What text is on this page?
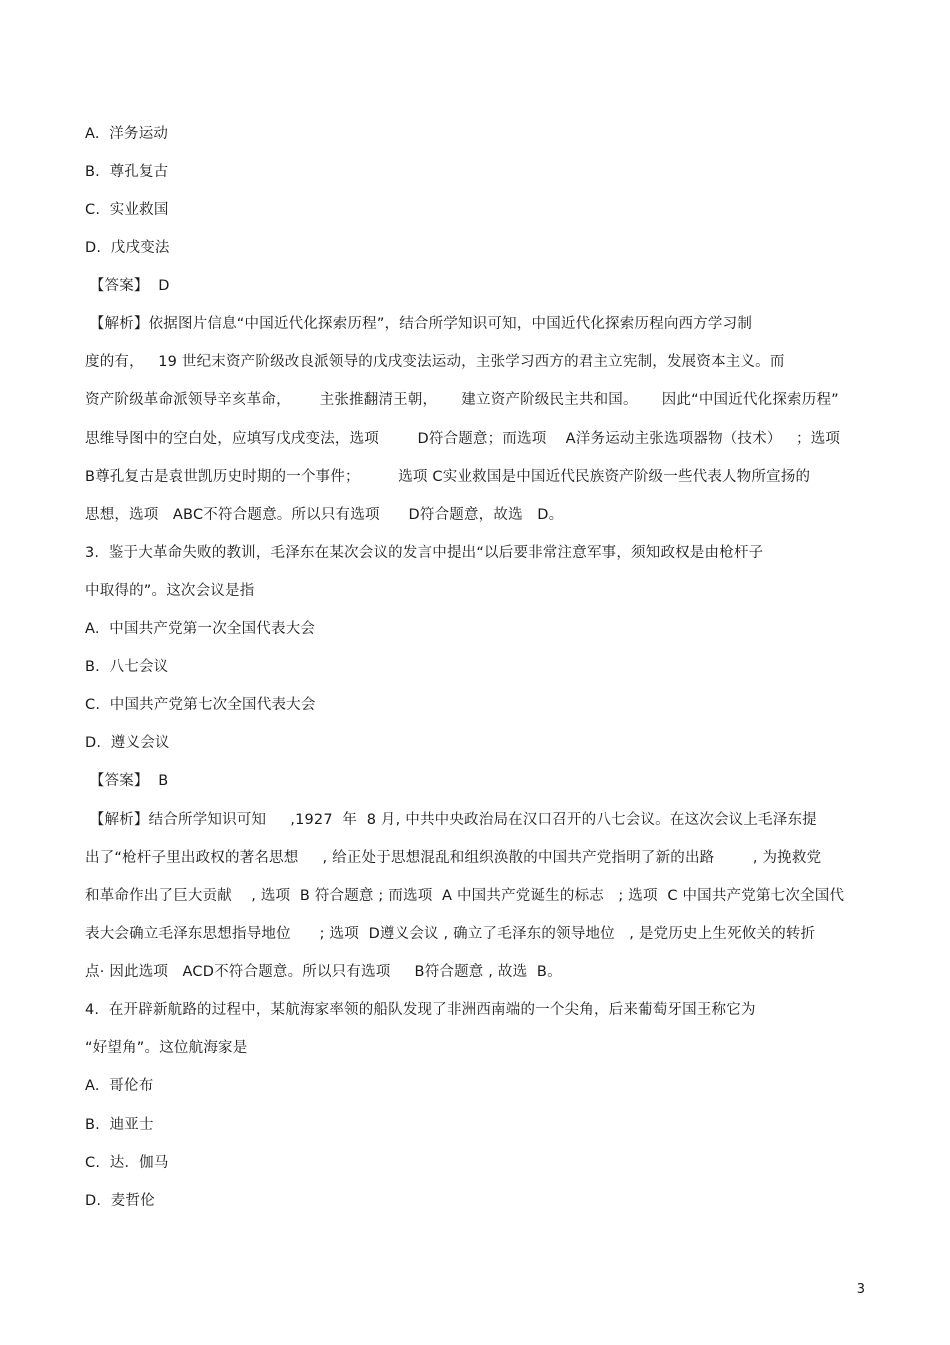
A.  洋务运动
B.  尊孔复古
C.  实业救国
D.  戊戌变法
【答案】  D
【解析】依据图片信息“中国近代化探索历程”，结合所学知识可知，中国近代化探索历程向西方学习制
度的有，   19 世纪末资产阶级改良派领导的戊戌变法运动，主张学习西方的君主立宪制，发展资本主义。而
资产阶级革命派领导辛亥革命，      主张推翻清王朝，     建立资产阶级民主共和国。     因此“中国近代化探索历程”
思维导图中的空白处，应填写戊戌变法，选项        D符合题意；而选项    A洋务运动主张选项器物（技术）   ；选项
B尊孔复古是袁世凯历史时期的一个事件；        选项 C实业救国是中国近代民族资产阶级一些代表人物所宣扬的
思想，选项   ABC不符合题意。所以只有选项      D符合题意，故选   D。
3.  鉴于大革命失败的教训，毛泽东在某次会议的发言中提出“以后要非常注意军事，须知政权是由枪杆子
中取得的”。这次会议是指
A.  中国共产党第一次全国代表大会
B.  八七会议
C.  中国共产党第七次全国代表大会
D.  遵义会议
【答案】  B
【解析】结合所学知识可知     ,1927  年  8 月, 中共中央政治局在汉口召开的八七会议。在这次会议上毛泽东提
出了“枪杆子里出政权的著名思想     , 给正处于思想混乱和组织涣散的中国共产党指明了新的出路        , 为挽救党
和革命作出了巨大贡献    , 选项  B 符合题意 ; 而选项  A 中国共产党诞生的标志   ; 选项  C 中国共产党第七次全国代
表大会确立毛泽东思想指导地位      ; 选项  D遵义会议 , 确立了毛泽东的领导地位   , 是党历史上生死攸关的转折
点· 因此选项   ACD不符合题意。所以只有选项     B符合题意 , 故选  B。
4.  在开辟新航路的过程中，某航海家率领的船队发现了非洲西南端的一个尖角，后来葡萄牙国王称它为
“好望角”。这位航海家是
A.  哥伦布
B.  迪亚士
C.  达．伽马
D.  麦哲伦
3
